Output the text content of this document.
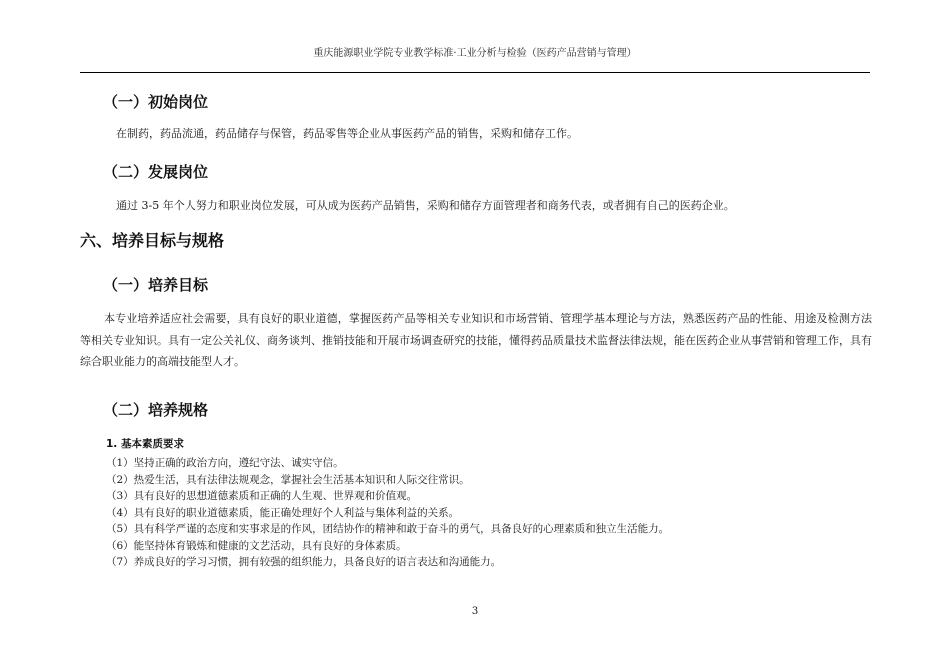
重庆能源职业学院专业教学标准·工业分析与检验（医药产品营销与管理）
（一）初始岗位
在制药，药品流通，药品储存与保管，药品零售等企业从事医药产品的销售，采购和储存工作。
（二）发展岗位
通过 3-5 年个人努力和职业岗位发展，可从成为医药产品销售，采购和储存方面管理者和商务代表，或者拥有自己的医药企业。
六、培养目标与规格
（一）培养目标
本专业培养适应社会需要，具有良好的职业道德，掌握医药产品等相关专业知识和市场营销、管理学基本理论与方法，熟悉医药产品的性能、用途及检测方法等相关专业知识。具有一定公关礼仪、商务谈判、推销技能和开展市场调查研究的技能，懂得药品质量技术监督法律法规，能在医药企业从事营销和管理工作，具有综合职业能力的高端技能型人才。
（二）培养规格
1. 基本素质要求
（1）坚持正确的政治方向，遵纪守法、诚实守信。
（2）热爱生活，具有法律法规观念，掌握社会生活基本知识和人际交往常识。
（3）具有良好的思想道德素质和正确的人生观、世界观和价值观。
（4）具有良好的职业道德素质，能正确处理好个人利益与集体利益的关系。
（5）具有科学严谨的态度和实事求是的作风，团结协作的精神和敢于奋斗的勇气，具备良好的心理素质和独立生活能力。
（6）能坚持体育锻炼和健康的文艺活动，具有良好的身体素质。
（7）养成良好的学习习惯，拥有较强的组织能力，具备良好的语言表达和沟通能力。
3
